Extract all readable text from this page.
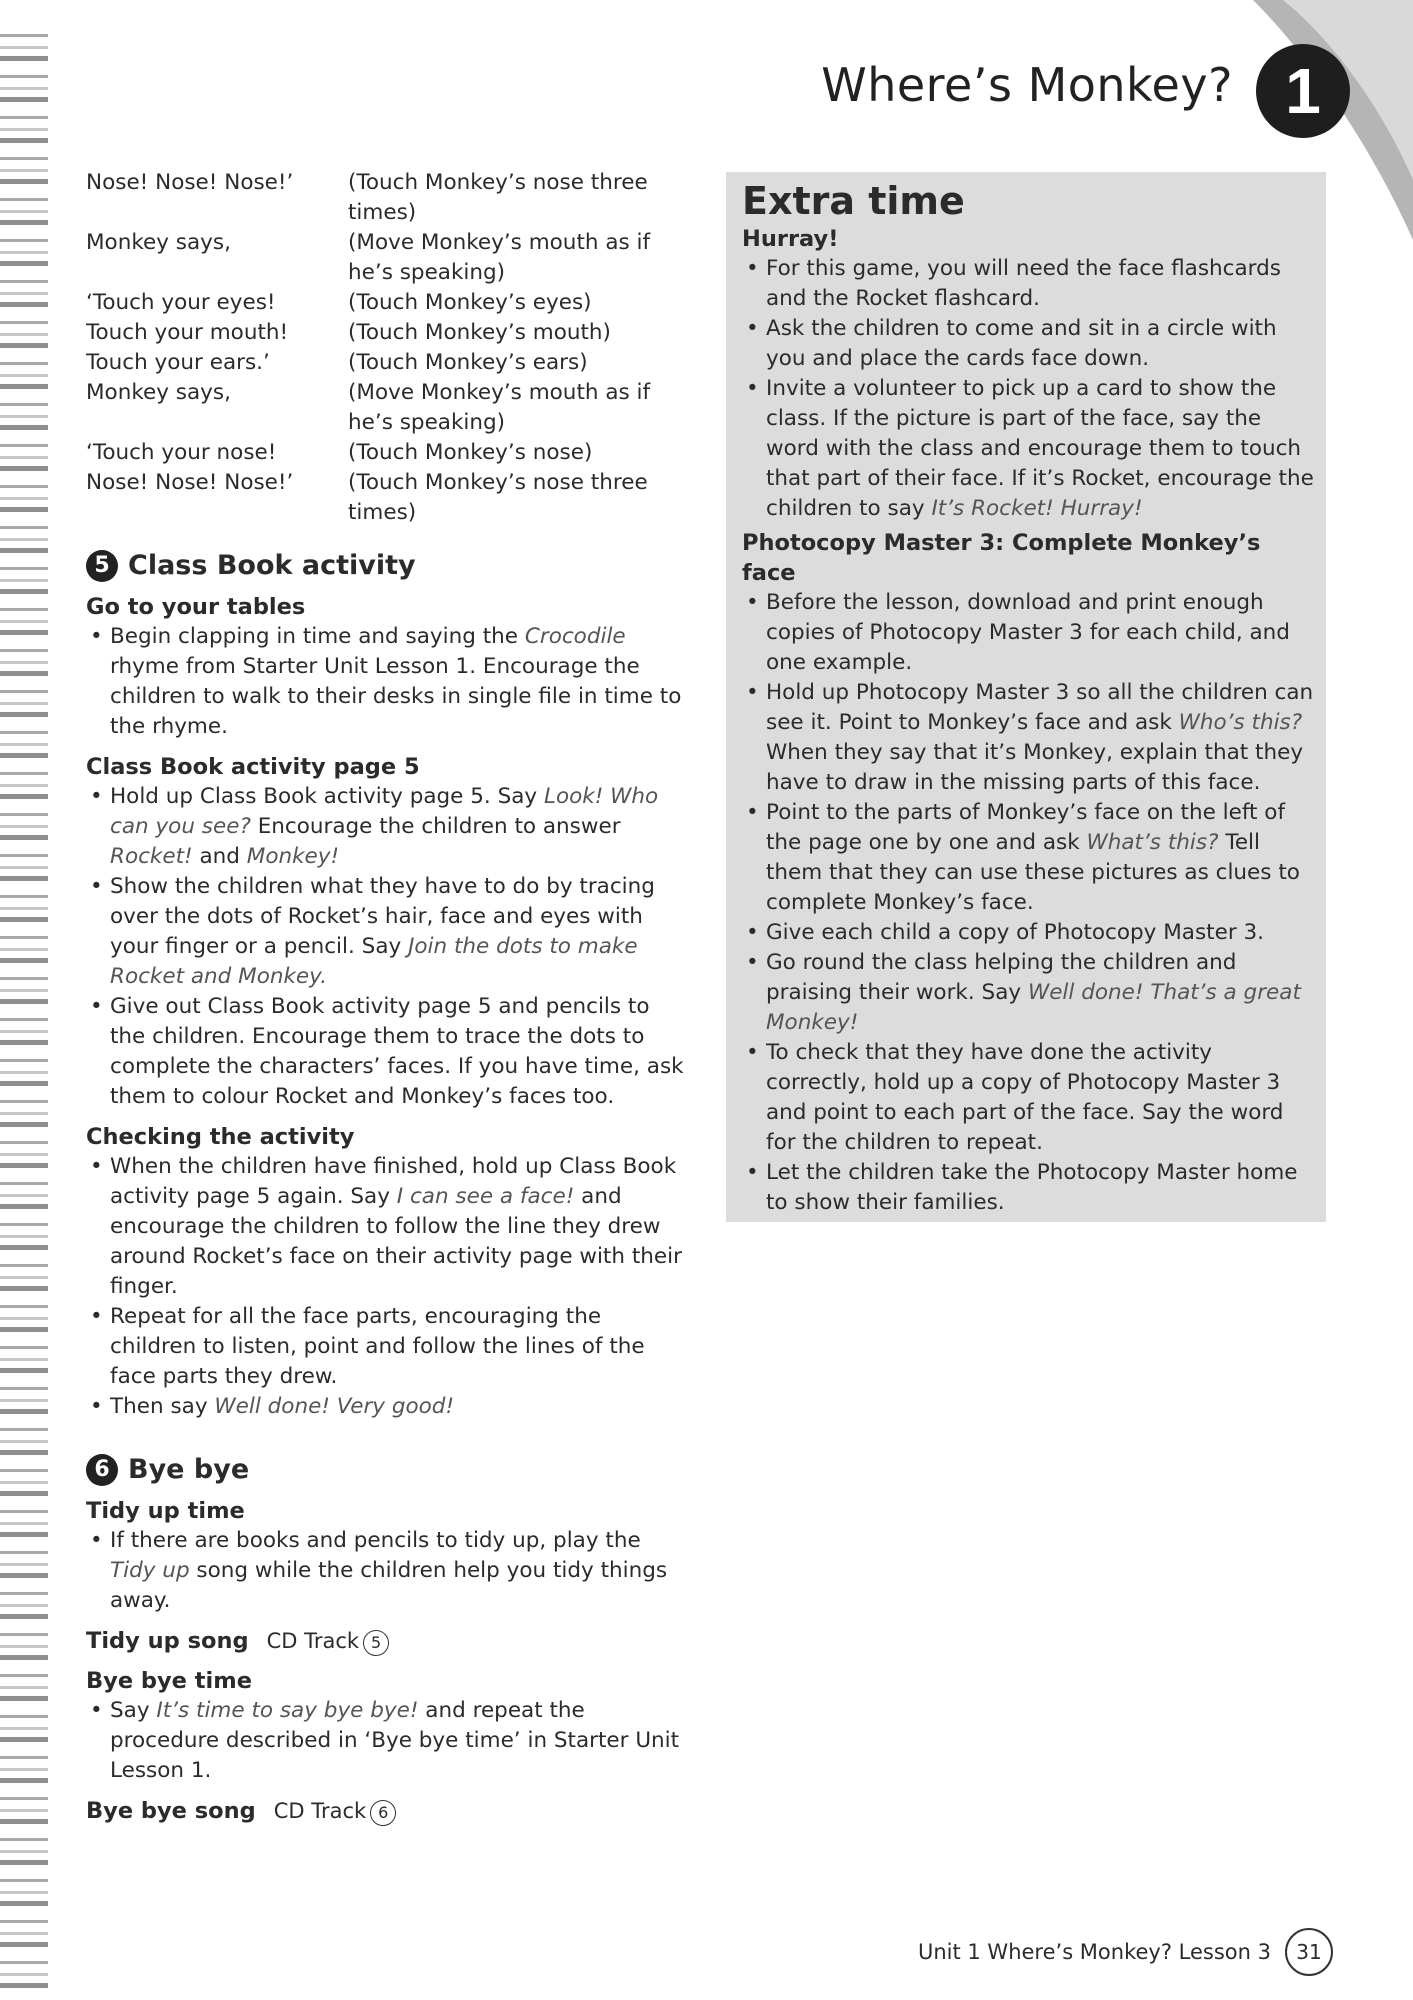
Where’s Monkey? 1
Nose! Nose! Nose!’	(Touch Monkey’s nose three times)
Monkey says,	(Move Monkey’s mouth as if he’s speaking)
‘Touch your eyes!	(Touch Monkey’s eyes)
Touch your mouth!	(Touch Monkey’s mouth)
Touch your ears.’	(Touch Monkey’s ears)
Monkey says,	(Move Monkey’s mouth as if he’s speaking)
‘Touch your nose!	(Touch Monkey’s nose)
Nose! Nose! Nose!’	(Touch Monkey’s nose three times)
5 Class Book activity
Go to your tables
• Begin clapping in time and saying the Crocodile rhyme from Starter Unit Lesson 1. Encourage the children to walk to their desks in single file in time to the rhyme.
Class Book activity page 5
• Hold up Class Book activity page 5. Say Look! Who can you see? Encourage the children to answer Rocket! and Monkey!
• Show the children what they have to do by tracing over the dots of Rocket’s hair, face and eyes with your finger or a pencil. Say Join the dots to make Rocket and Monkey.
• Give out Class Book activity page 5 and pencils to the children. Encourage them to trace the dots to complete the characters’ faces. If you have time, ask them to colour Rocket and Monkey’s faces too.
Checking the activity
• When the children have finished, hold up Class Book activity page 5 again. Say I can see a face! and encourage the children to follow the line they drew around Rocket’s face on their activity page with their finger.
• Repeat for all the face parts, encouraging the children to listen, point and follow the lines of the face parts they drew.
• Then say Well done! Very good!
6 Bye bye
Tidy up time
• If there are books and pencils to tidy up, play the Tidy up song while the children help you tidy things away.
Tidy up song CD Track 5
Bye bye time
• Say It’s time to say bye bye! and repeat the procedure described in ‘Bye bye time’ in Starter Unit Lesson 1.
Bye bye song CD Track 6
Extra time
Hurray!
• For this game, you will need the face flashcards and the Rocket flashcard.
• Ask the children to come and sit in a circle with you and place the cards face down.
• Invite a volunteer to pick up a card to show the class. If the picture is part of the face, say the word with the class and encourage them to touch that part of their face. If it’s Rocket, encourage the children to say It’s Rocket! Hurray!
Photocopy Master 3: Complete Monkey’s face
• Before the lesson, download and print enough copies of Photocopy Master 3 for each child, and one example.
• Hold up Photocopy Master 3 so all the children can see it. Point to Monkey’s face and ask Who’s this? When they say that it’s Monkey, explain that they have to draw in the missing parts of this face.
• Point to the parts of Monkey’s face on the left of the page one by one and ask What’s this? Tell them that they can use these pictures as clues to complete Monkey’s face.
• Give each child a copy of Photocopy Master 3.
• Go round the class helping the children and praising their work. Say Well done! That’s a great Monkey!
• To check that they have done the activity correctly, hold up a copy of Photocopy Master 3 and point to each part of the face. Say the word for the children to repeat.
• Let the children take the Photocopy Master home to show their families.
Unit 1 Where’s Monkey? Lesson 3	31
